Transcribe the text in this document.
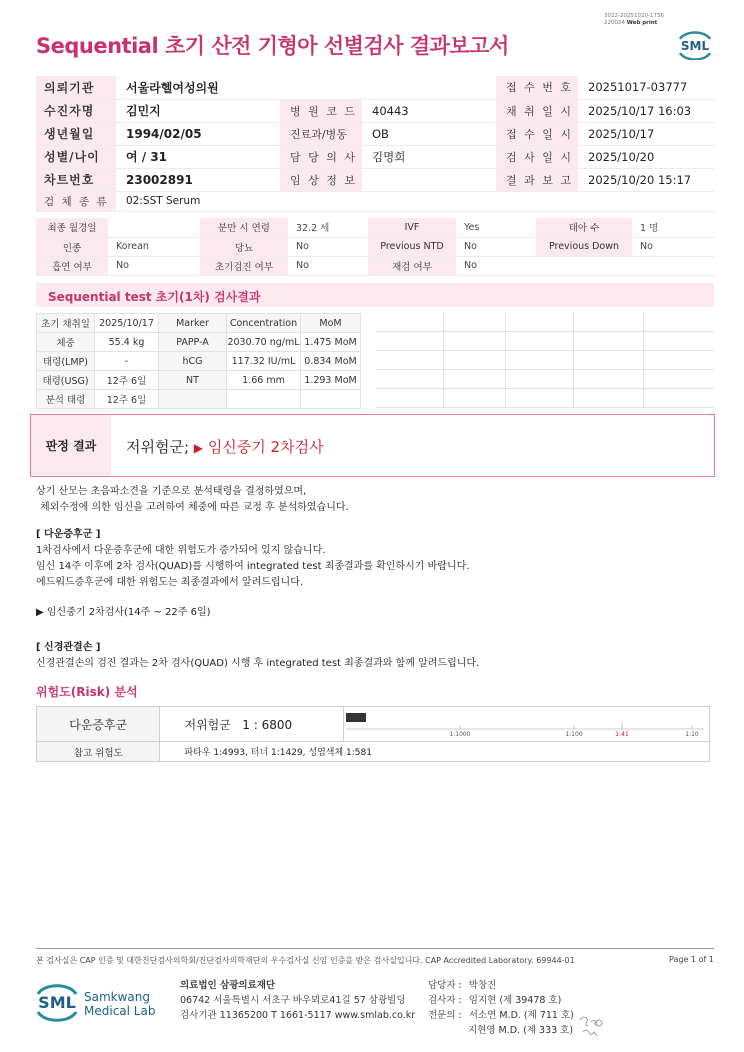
Sequential 초기 산전 기형아 선별검사 결과보고서
3022-20251020-1736
220024 Web print
SML
의뢰기관	서울라헬여성의원			접 수 번 호	20251017-03777
수진자명	김민지	병 원 코 드	40443	채 취 일 시	2025/10/17 16:03
생년월일	1994/02/05	진료과/병동	OB	접 수 일 시	2025/10/17
성별/나이	여 / 31	담 당 의 사	김명희	검 사 일 시	2025/10/20
차트번호	23002891	임 상 정 보		결 과 보 고	2025/10/20 15:17
검 체 종 류	02:SST Serum				
최종 월경일		분만 시 연령	32.2 세	IVF	Yes	태아 수	1 명
인종	Korean	당뇨	No	Previous NTD	No	Previous Down	No
흡연 여부	No	초기검진 여부	No	재검 여부	No		
Sequential test 초기(1차) 검사결과
초기 채취일	2025/10/17	Marker	Concentration	MoM
체중	55.4 kg	PAPP-A	2030.70 ng/mL	1.475 MoM
태령(LMP)	-	hCG	117.32 IU/mL	0.834 MoM
태령(USG)	12주 6일	NT	1.66 mm	1.293 MoM
분석 태령	12주 6일			
판정 결과	저위험군; ▶ 임신중기 2차검사
상기 산모는 초음파소견을 기준으로 분석태령을 결정하였으며,
체외수정에 의한 임신을 고려하여 체중에 따른 교정 후 분석하였습니다.
[ 다운증후군 ]
1차검사에서 다운증후군에 대한 위험도가 증가되어 있지 않습니다.
임신 14주 이후에 2차 검사(QUAD)를 시행하여 integrated test 최종결과를 확인하시기 바랍니다.
에드워드증후군에 대한 위험도는 최종결과에서 알려드립니다.
▶ 임신중기 2차검사(14주 ~ 22주 6일)
[ 신경관결손 ]
신경관결손의 검진 결과는 2차 검사(QUAD) 시행 후 integrated test 최종결과와 함께 알려드립니다.
위험도(Risk) 분석
다운증후군	저위험군 1 : 6800	1:1000 1:100 1:41 1:10

참고 위험도	파타우 1:4993, 터너 1:1429, 성염색체 1:581	
본 검사실은 CAP 인증 및 대한진단검사의학회/진단검사의학재단의 우수검사실 신임 인증을 받은 검사실입니다. CAP Accredited Laboratory. 69944-01	Page 1 of 1
SML Samkwang
Medical Lab
의료법인 삼광의료재단
06742 서울특별시 서초구 바우뫼로41길 57 삼광빌딩
검사기관 11365200 T 1661-5117 www.smlab.co.kr
담당자 : 박창진
검사자 : 임지현 (제 39478 호)
전문의 : 서소연 M.D. (제 711 호)
지현영 M.D. (제 333 호)
